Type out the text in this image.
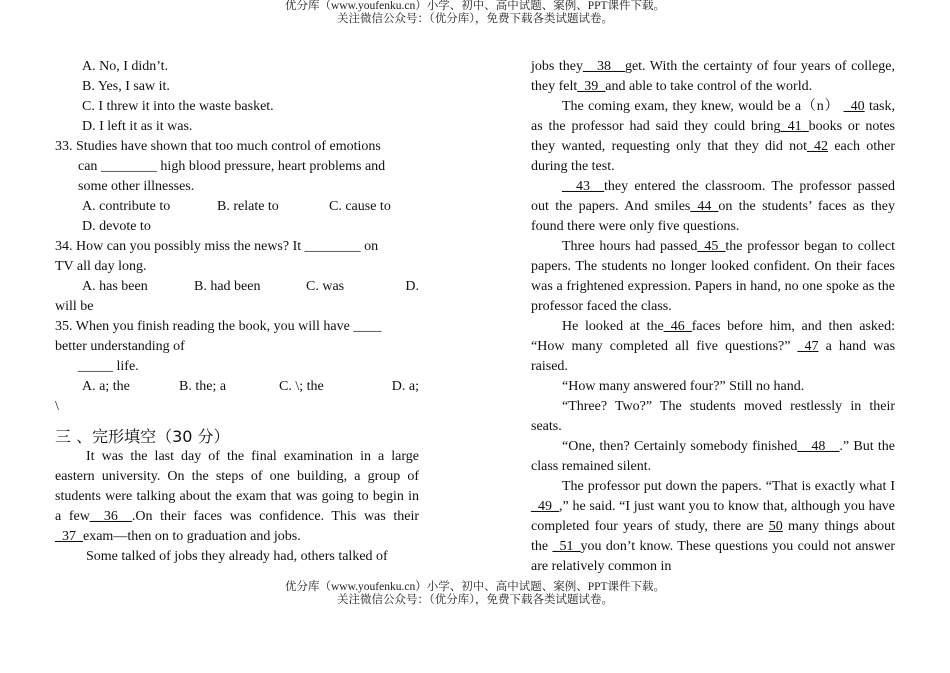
优分库（www.youfenku.cn）小学、初中、高中试题、案例、PPT课件下载。
关注微信公众号：（优分库），免费下载各类试题试卷。

A. No, I didn’t.

B. Yes, I saw it.

C. I threw it into the waste basket.

D. I left it as it was.

33. Studies have shown that too much control of emotions

can ________ high blood pressure, heart problems and

some other illnesses.

A. contribute to	B. relate to	C. cause to

D. devote to

34. How can you possibly miss the news? It ________ on

TV all day long.

A. has been	B. had been	C. was	D.

will be

35. When you finish reading the book, you will have ____

better understanding of

_____ life.

A. a; the	B. the; a	C. \; the	D. a;

\

三 、完形填空（30 分）

It was the last day of the final examination in a large eastern university. On the steps of one building, a group of students were talking about the exam that was going to begin in a few__36__.On their faces was confidence. This was their _37_exam—then on to graduation and jobs.

Some talked of jobs they already had, others talked of

jobs they__38__get. With the certainty of four years of college, they felt_39_and able to take control of the world.

The coming exam, they knew, would be a（n） _40 task, as the professor had said they could bring_41_books or notes they wanted, requesting only that they did not_42 each other during the test.

__43__they entered the classroom. The professor passed out the papers. And smiles_44_on the students’ faces as they found there were only five questions.

Three hours had passed_45_the professor began to collect papers. The students no longer looked confident. On their faces was a frightened expression. Papers in hand, no one spoke as the professor faced the class.

He looked at the_46_faces before him, and then asked: “How many completed all five questions?” _47 a hand was raised.

“How many answered four?” Still no hand.

“Three? Two?” The students moved restlessly in their seats.

“One, then? Certainly somebody finished__48__.” But the class remained silent.

The professor put down the papers. “That is exactly what I _49_,” he said. “I just want you to know that, although you have completed four years of study, there are 50 many things about the _51_you don’t know. These questions you could not answer are relatively common in

优分库（www.youfenku.cn）小学、初中、高中试题、案例、PPT课件下载。
关注微信公众号：（优分库），免费下载各类试题试卷。
